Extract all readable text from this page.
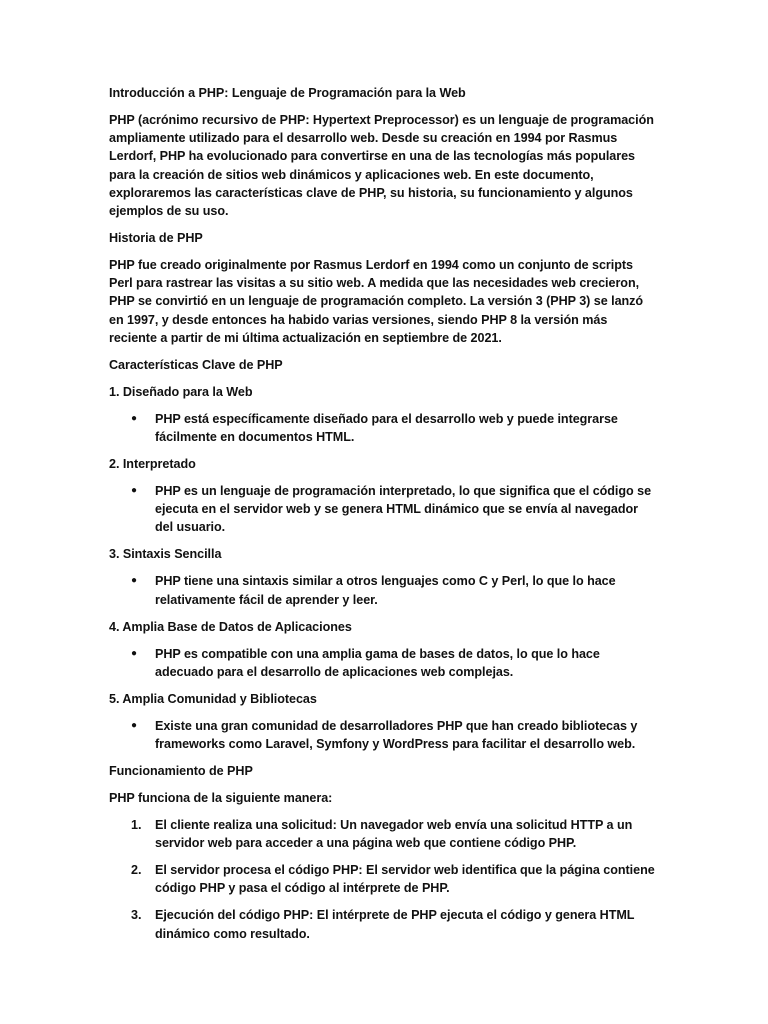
Introducción a PHP: Lenguaje de Programación para la Web

PHP (acrónimo recursivo de PHP: Hypertext Preprocessor) es un lenguaje de programación ampliamente utilizado para el desarrollo web. Desde su creación en 1994 por Rasmus Lerdorf, PHP ha evolucionado para convertirse en una de las tecnologías más populares para la creación de sitios web dinámicos y aplicaciones web. En este documento, exploraremos las características clave de PHP, su historia, su funcionamiento y algunos ejemplos de su uso.

Historia de PHP

PHP fue creado originalmente por Rasmus Lerdorf en 1994 como un conjunto de scripts Perl para rastrear las visitas a su sitio web. A medida que las necesidades web crecieron, PHP se convirtió en un lenguaje de programación completo. La versión 3 (PHP 3) se lanzó en 1997, y desde entonces ha habido varias versiones, siendo PHP 8 la versión más reciente a partir de mi última actualización en septiembre de 2021.

Características Clave de PHP

1. Diseñado para la Web

● PHP está específicamente diseñado para el desarrollo web y puede integrarse fácilmente en documentos HTML.

2. Interpretado

● PHP es un lenguaje de programación interpretado, lo que significa que el código se ejecuta en el servidor web y se genera HTML dinámico que se envía al navegador del usuario.

3. Sintaxis Sencilla

● PHP tiene una sintaxis similar a otros lenguajes como C y Perl, lo que lo hace relativamente fácil de aprender y leer.

4. Amplia Base de Datos de Aplicaciones

● PHP es compatible con una amplia gama de bases de datos, lo que lo hace adecuado para el desarrollo de aplicaciones web complejas.

5. Amplia Comunidad y Bibliotecas

● Existe una gran comunidad de desarrolladores PHP que han creado bibliotecas y frameworks como Laravel, Symfony y WordPress para facilitar el desarrollo web.

Funcionamiento de PHP

PHP funciona de la siguiente manera:

1. El cliente realiza una solicitud: Un navegador web envía una solicitud HTTP a un servidor web para acceder a una página web que contiene código PHP.
2. El servidor procesa el código PHP: El servidor web identifica que la página contiene código PHP y pasa el código al intérprete de PHP.
3. Ejecución del código PHP: El intérprete de PHP ejecuta el código y genera HTML dinámico como resultado.
